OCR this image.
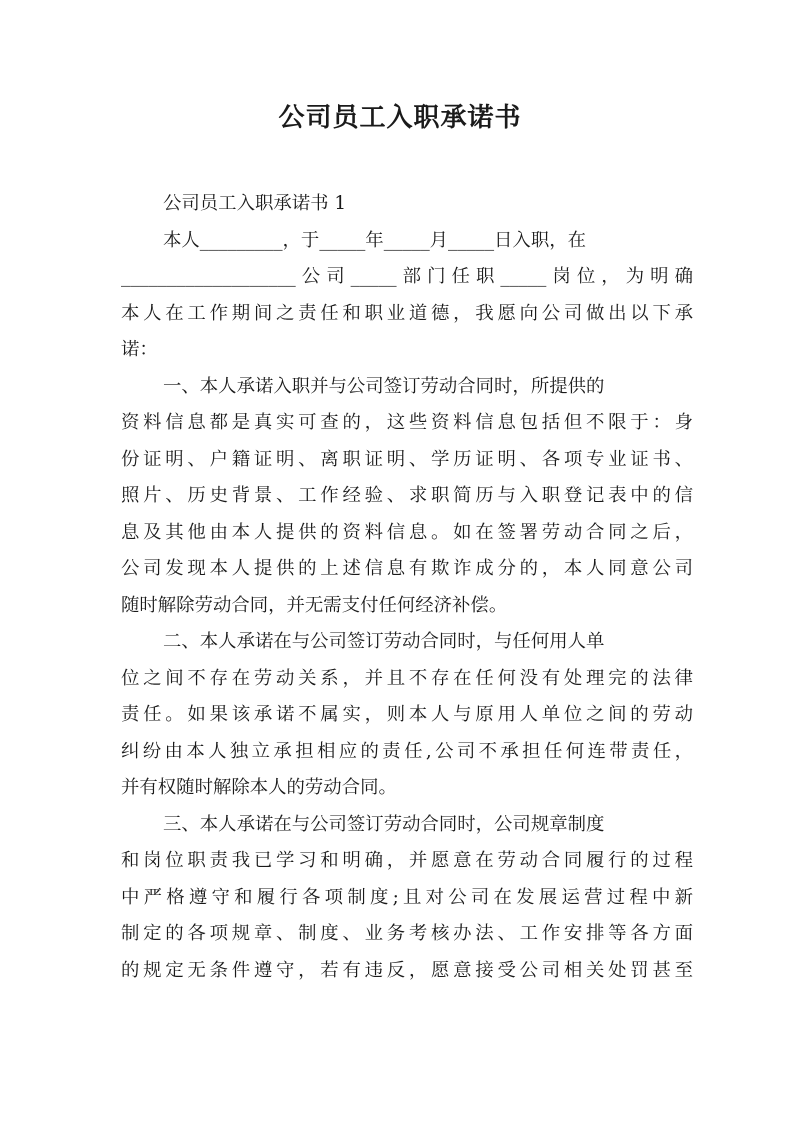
公司员工入职承诺书
公司员工入职承诺书 1
本人_________，于_____年_____月_____日入职，在
___________________公司_____部门任职_____岗位，为明确
本人在工作期间之责任和职业道德，我愿向公司做出以下承
诺：
一、本人承诺入职并与公司签订劳动合同时，所提供的
资料信息都是真实可查的，这些资料信息包括但不限于：身
份证明、户籍证明、离职证明、学历证明、各项专业证书、
照片、历史背景、工作经验、求职简历与入职登记表中的信
息及其他由本人提供的资料信息。如在签署劳动合同之后，
公司发现本人提供的上述信息有欺诈成分的，本人同意公司
随时解除劳动合同，并无需支付任何经济补偿。
二、本人承诺在与公司签订劳动合同时，与任何用人单
位之间不存在劳动关系，并且不存在任何没有处理完的法律
责任。如果该承诺不属实，则本人与原用人单位之间的劳动
纠纷由本人独立承担相应的责任,公司不承担任何连带责任，
并有权随时解除本人的劳动合同。
三、本人承诺在与公司签订劳动合同时，公司规章制度
和岗位职责我已学习和明确，并愿意在劳动合同履行的过程
中严格遵守和履行各项制度;且对公司在发展运营过程中新
制定的各项规章、制度、业务考核办法、工作安排等各方面
的规定无条件遵守，若有违反，愿意接受公司相关处罚甚至
